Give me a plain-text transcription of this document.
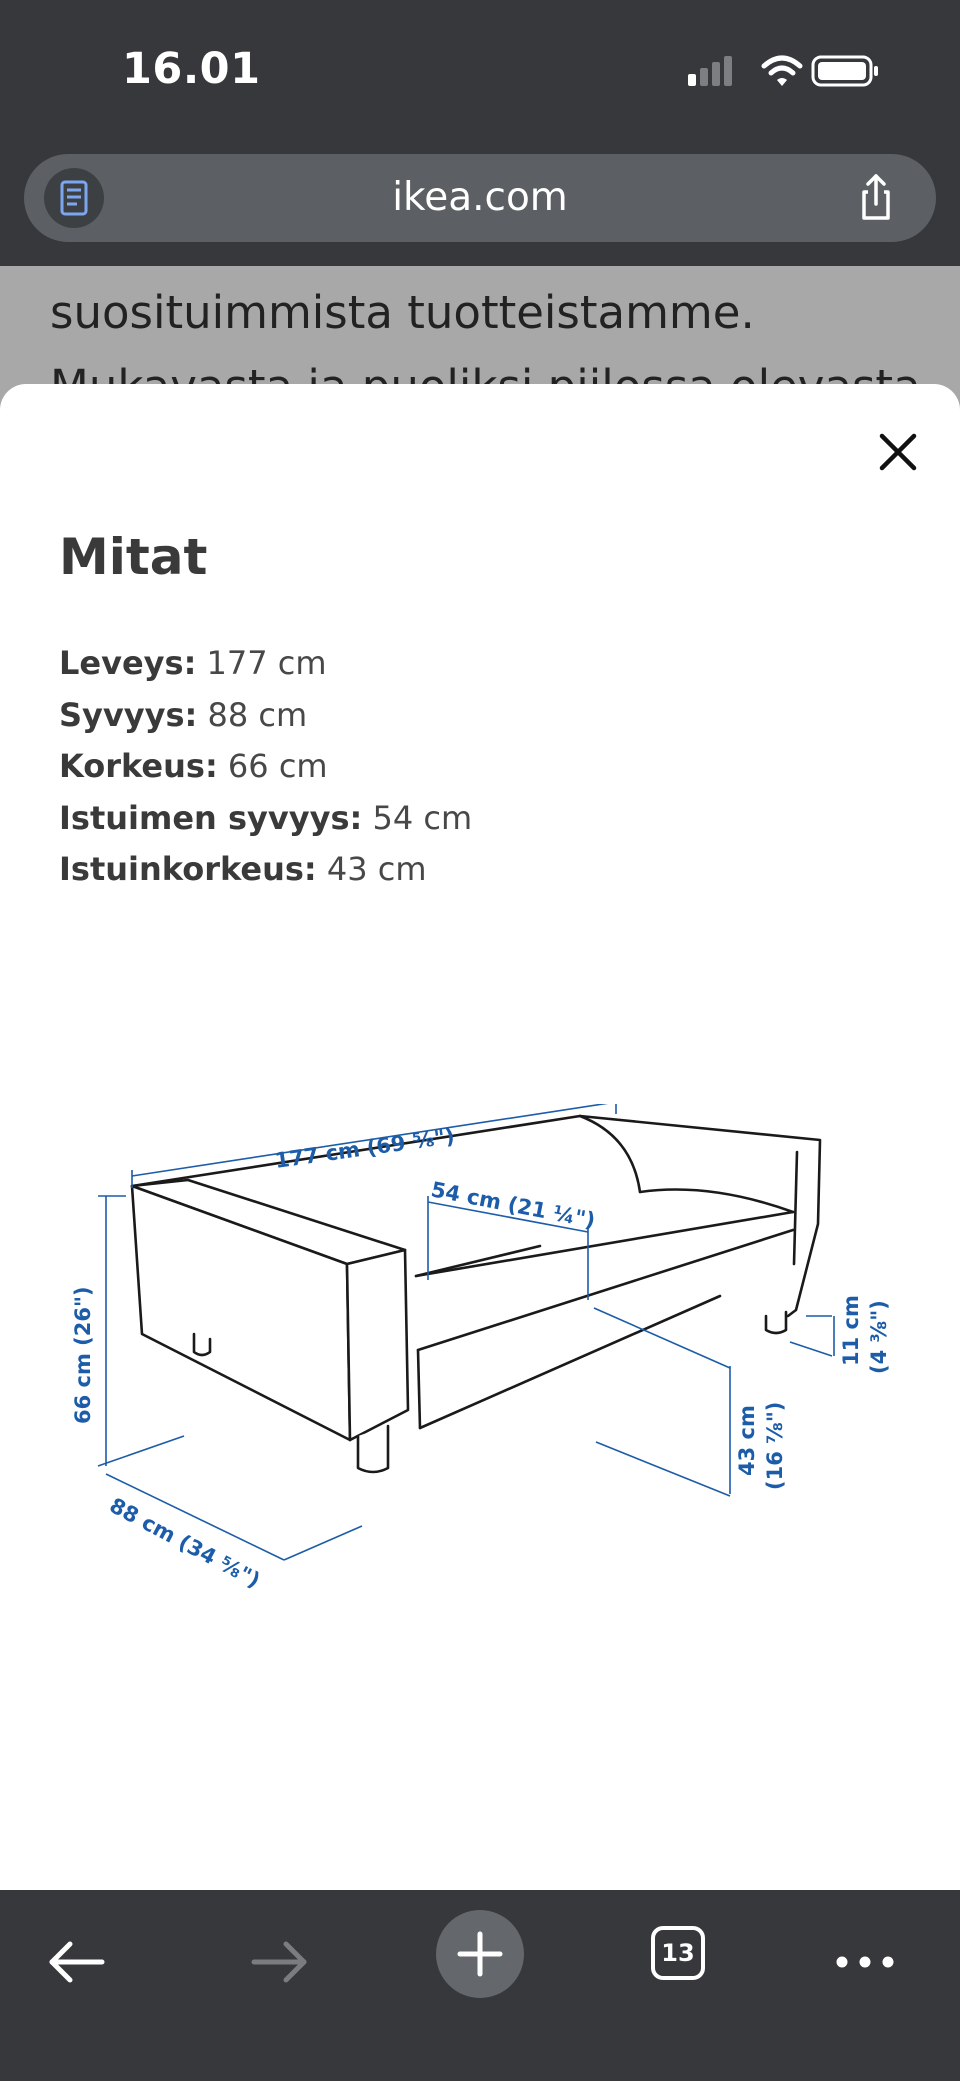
16.01
ikea.com
suosituimmista tuotteistamme.
Mitat
Leveys: 177 cm
Syvyys: 88 cm
Korkeus: 66 cm
Istuimen syvyys: 54 cm
Istuinkorkeus: 43 cm
177 cm (69 ⅝")
54 cm (21 ¼")
66 cm (26")
88 cm (34 ⅝")
43 cm (16 ⅞")
11 cm (4 ⅜")
13
